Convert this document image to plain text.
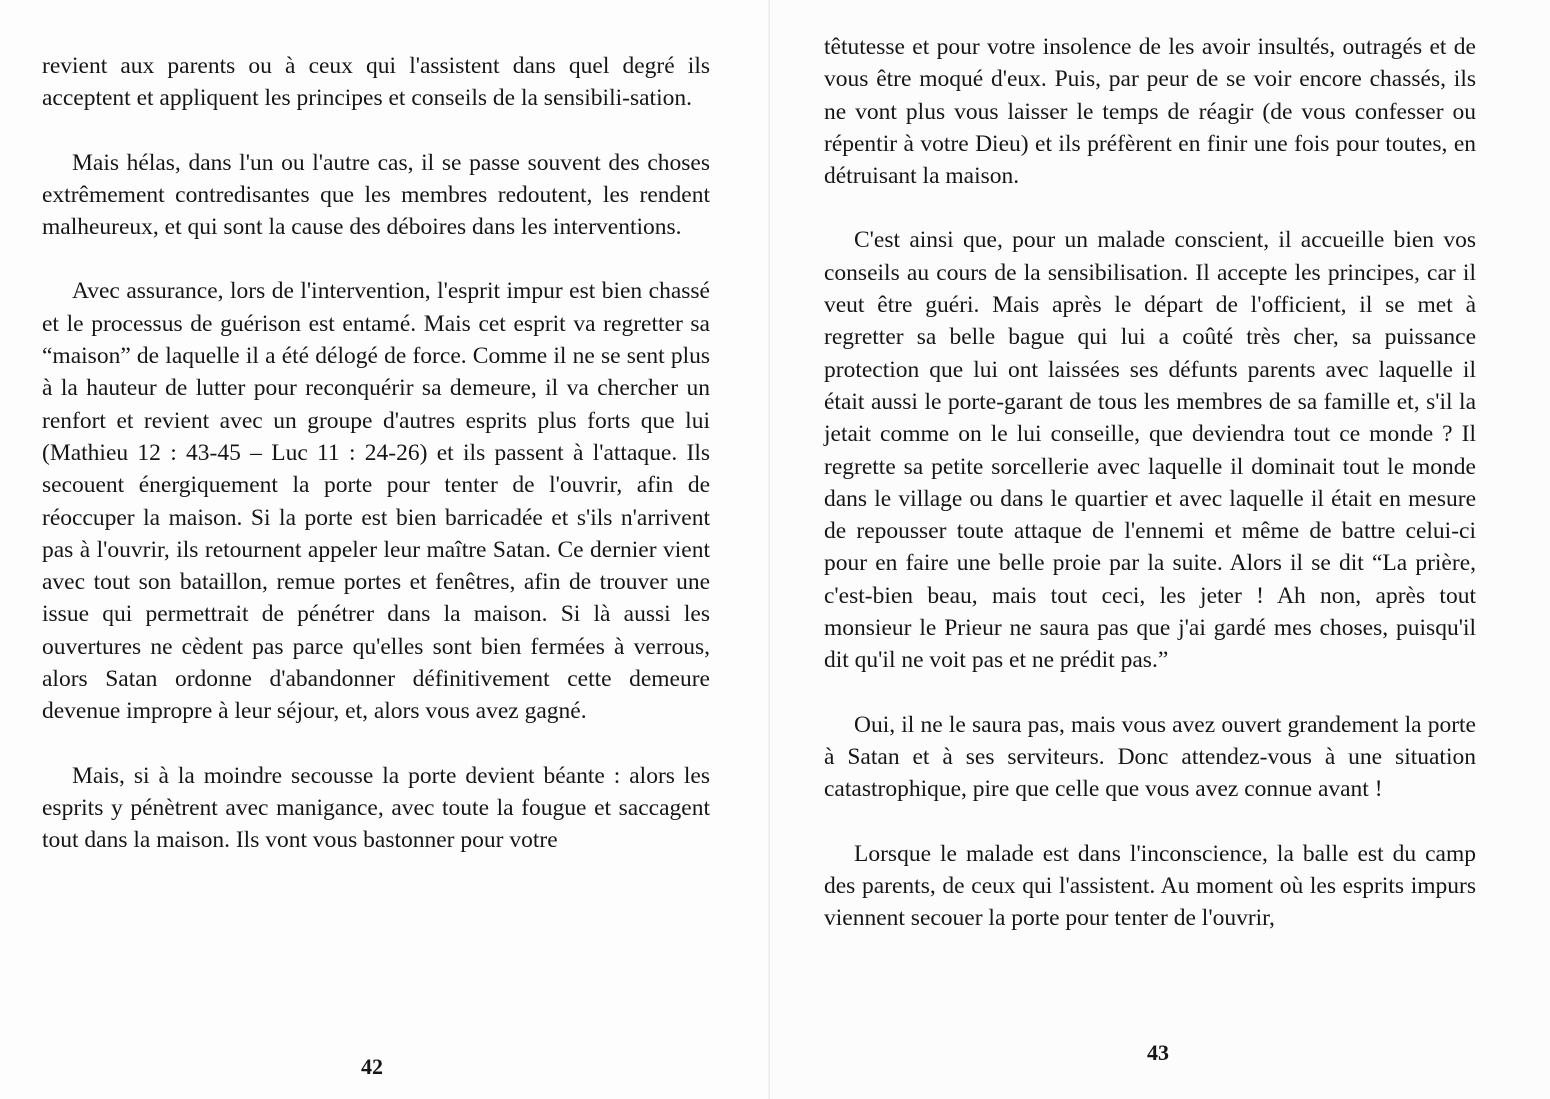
revient aux parents ou à ceux qui l'assistent dans quel degré ils acceptent et appliquent les principes et conseils de la sensibili-sation.

Mais hélas, dans l'un ou l'autre cas, il se passe souvent des choses extrêmement contredisantes que les membres redoutent, les rendent malheureux, et qui sont la cause des déboires dans les interventions.

Avec assurance, lors de l'intervention, l'esprit impur est bien chassé et le processus de guérison est entamé. Mais cet esprit va regretter sa “maison” de laquelle il a été délogé de force. Comme il ne se sent plus à la hauteur de lutter pour reconquérir sa demeure, il va chercher un renfort et revient avec un groupe d'autres esprits plus forts que lui (Mathieu 12 : 43-45 – Luc 11 : 24-26) et ils passent à l'attaque. Ils secouent énergiquement la porte pour tenter de l'ouvrir, afin de réoccuper la maison. Si la porte est bien barricadée et s'ils n'arrivent pas à l'ouvrir, ils retournent appeler leur maître Satan. Ce dernier vient avec tout son bataillon, remue portes et fenêtres, afin de trouver une issue qui permettrait de pénétrer dans la maison. Si là aussi les ouvertures ne cèdent pas parce qu'elles sont bien fermées à verrous, alors Satan ordonne d'abandonner définitivement cette demeure devenue impropre à leur séjour, et, alors vous avez gagné.

Mais, si à la moindre secousse la porte devient béante : alors les esprits y pénètrent avec manigance, avec toute la fougue et saccagent tout dans la maison. Ils vont vous bastonner pour votre

42

têtutesse et pour votre insolence de les avoir insultés, outragés et de vous être moqué d'eux. Puis, par peur de se voir encore chassés, ils ne vont plus vous laisser le temps de réagir (de vous confesser ou répentir à votre Dieu) et ils préfèrent en finir une fois pour toutes, en détruisant la maison.

C'est ainsi que, pour un malade conscient, il accueille bien vos conseils au cours de la sensibilisation. Il accepte les principes, car il veut être guéri. Mais après le départ de l'officient, il se met à regretter sa belle bague qui lui a coûté très cher, sa puissance protection que lui ont laissées ses défunts parents avec laquelle il était aussi le porte-garant de tous les membres de sa famille et, s'il la jetait comme on le lui conseille, que deviendra tout ce monde ? Il regrette sa petite sorcellerie avec laquelle il dominait tout le monde dans le village ou dans le quartier et avec laquelle il était en mesure de repousser toute attaque de l'ennemi et même de battre celui-ci pour en faire une belle proie par la suite. Alors il se dit “La prière, c'est-bien beau, mais tout ceci, les jeter ! Ah non, après tout monsieur le Prieur ne saura pas que j'ai gardé mes choses, puisqu'il dit qu'il ne voit pas et ne prédit pas.”

Oui, il ne le saura pas, mais vous avez ouvert grandement la porte à Satan et à ses serviteurs. Donc attendez-vous à une situation catastrophique, pire que celle que vous avez connue avant !

Lorsque le malade est dans l'inconscience, la balle est du camp des parents, de ceux qui l'assistent. Au moment où les esprits impurs viennent secouer la porte pour tenter de l'ouvrir,

43
